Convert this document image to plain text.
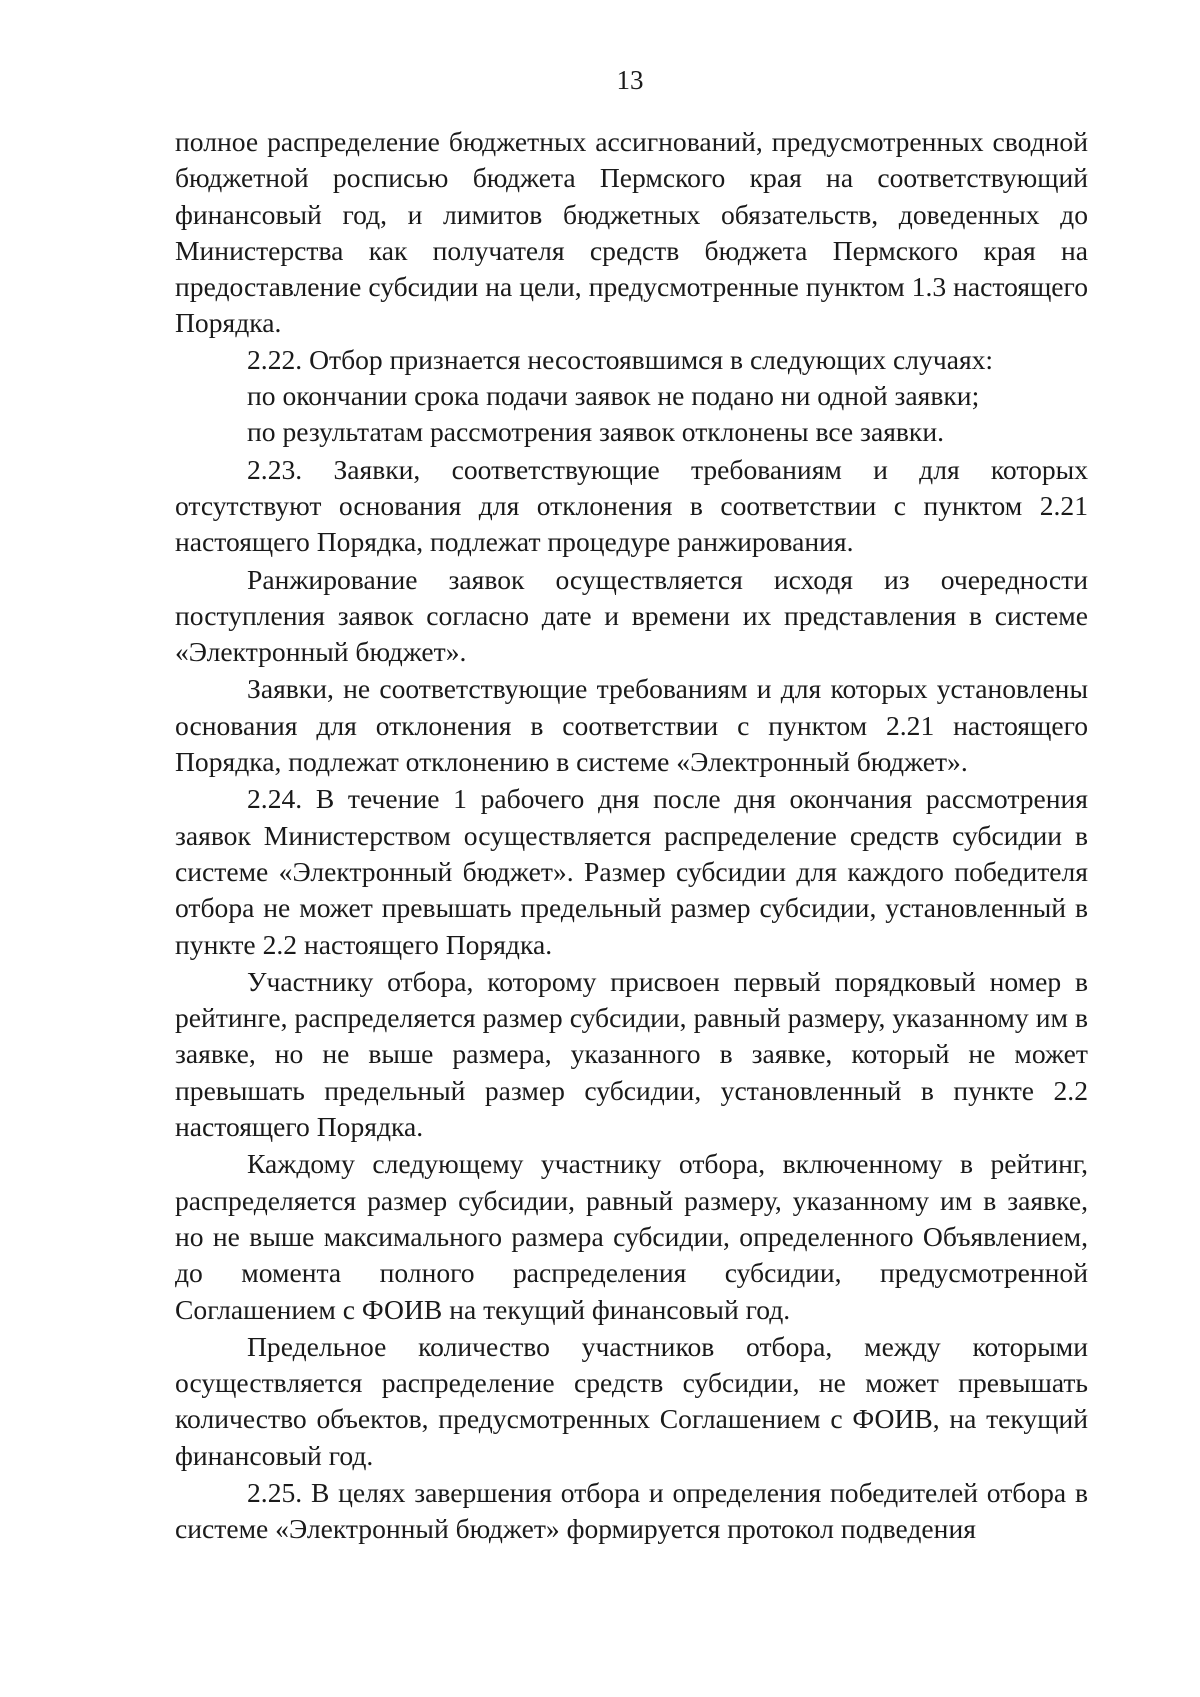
13

полное распределение бюджетных ассигнований, предусмотренных сводной бюджетной росписью бюджета Пермского края на соответствующий финансовый год, и лимитов бюджетных обязательств, доведенных до Министерства как получателя средств бюджета Пермского края на предоставление субсидии на цели, предусмотренные пунктом 1.3 настоящего Порядка.

2.22. Отбор признается несостоявшимся в следующих случаях:

по окончании срока подачи заявок не подано ни одной заявки;

по результатам рассмотрения заявок отклонены все заявки.

2.23. Заявки, соответствующие требованиям и для которых отсутствуют основания для отклонения в соответствии с пунктом 2.21 настоящего Порядка, подлежат процедуре ранжирования.

Ранжирование заявок осуществляется исходя из очередности поступления заявок согласно дате и времени их представления в системе «Электронный бюджет».

Заявки, не соответствующие требованиям и для которых установлены основания для отклонения в соответствии с пунктом 2.21 настоящего Порядка, подлежат отклонению в системе «Электронный бюджет».

2.24. В течение 1 рабочего дня после дня окончания рассмотрения заявок Министерством осуществляется распределение средств субсидии в системе «Электронный бюджет». Размер субсидии для каждого победителя отбора не может превышать предельный размер субсидии, установленный в пункте 2.2 настоящего Порядка.

Участнику отбора, которому присвоен первый порядковый номер в рейтинге, распределяется размер субсидии, равный размеру, указанному им в заявке, но не выше размера, указанного в заявке, который не может превышать предельный размер субсидии, установленный в пункте 2.2 настоящего Порядка.

Каждому следующему участнику отбора, включенному в рейтинг, распределяется размер субсидии, равный размеру, указанному им в заявке, но не выше максимального размера субсидии, определенного Объявлением, до момента полного распределения субсидии, предусмотренной Соглашением с ФОИВ на текущий финансовый год.

Предельное количество участников отбора, между которыми осуществляется распределение средств субсидии, не может превышать количество объектов, предусмотренных Соглашением с ФОИВ, на текущий финансовый год.

2.25. В целях завершения отбора и определения победителей отбора в системе «Электронный бюджет» формируется протокол подведения
